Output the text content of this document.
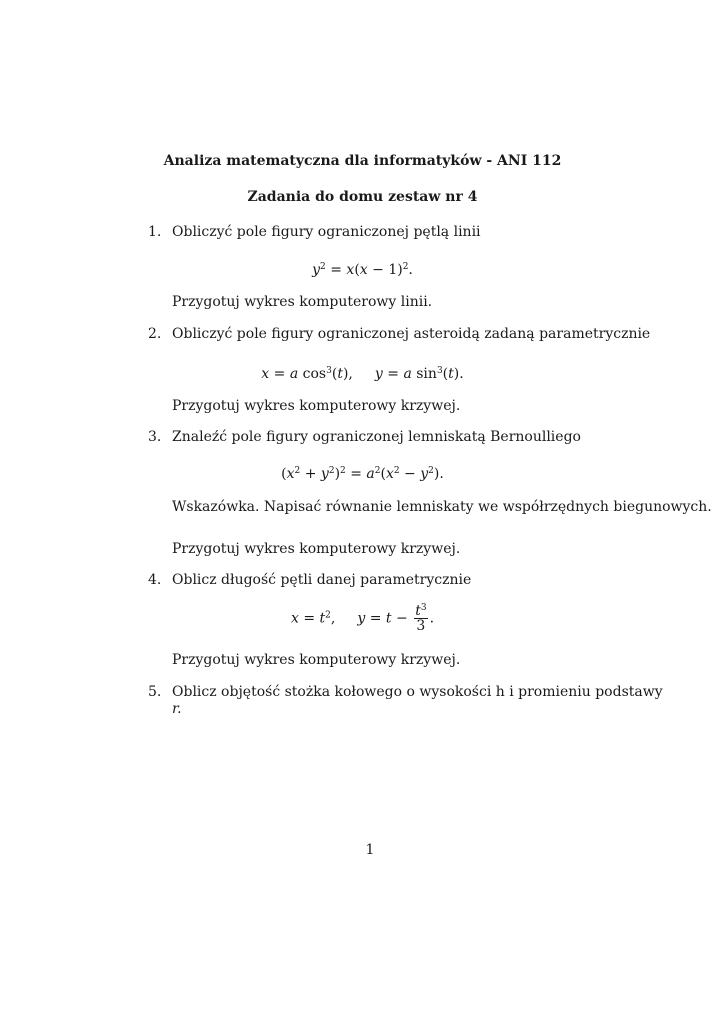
Analiza matematyczna dla informatyków - ANI 112
Zadania do domu zestaw nr 4
1. Obliczyć pole figury ograniczonej pętlą linii
$y^2 = x(x - 1)^2$.
Przygotuj wykres komputerowy linii.
2. Obliczyć pole figury ograniczonej asteroidą zadaną parametrycznie
x = a $\cos^3(t)$, y = a $\sin^3(t)$.
Przygotuj wykres komputerowy krzywej.
3. Znaleźć pole figury ograniczonej lemniskatą Bernoulliego
$(x^2 + y^2)^2 = a^2(x^2 - y^2)$.
Wskazówka. Napisać równanie lemniskaty we współrzędnych biegunowych.
Przygotuj wykres komputerowy krzywej.
4. Oblicz długość pętli danej parametrycznie
$x = t^2$, $y = t - \frac{t^3}{3}$ .
Przygotuj wykres komputerowy krzywej.
5. Oblicz objętość stożka kołowego o wysokości h i promieniu podstawy
r.
1
